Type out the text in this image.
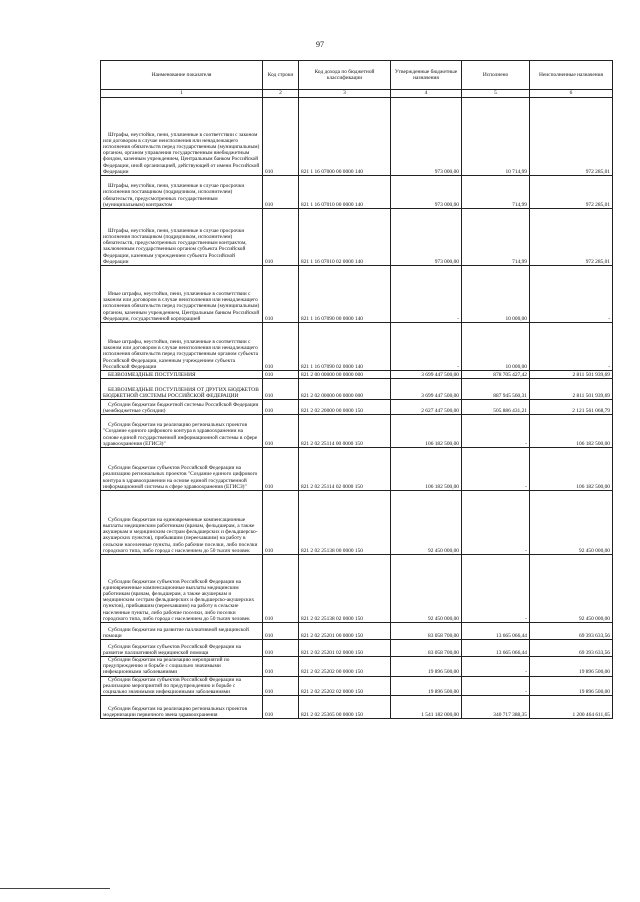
97
Наименование показателя	Код строки	Код дохода по бюджетной классификации	Утвержденные бюджетные назначения	Исполнено	Неисполненные назначения
1	2	3	4	5	6

Штрафы, неустойки, пени, уплаченные в соответствии с законом или договором в случае неисполнения или ненадлежащего исполнения обязательств перед государственным (муниципальным) органом, органом управления государственным внебюджетным фондом, казенным учреждением, Центральным банком Российской Федерации, иной организацией, действующей от имени Российской Федерации	010	821 1 16 07000 00 0000 140	973 000,00	10 714,99	972 285,01

Штрафы, неустойки, пени, уплаченные в случае просрочки исполнения поставщиком (подрядчиком, исполнителем) обязательств, предусмотренных государственным (муниципальным) контрактом	010	821 1 16 07010 00 0000 140	973 000,00	714,99	972 285,01

Штрафы, неустойки, пени, уплаченные в случае просрочки исполнения поставщиком (подрядчиком, исполнителем) обязательств, предусмотренных государственным контрактом, заключенным государственным органом субъекта Российской Федерации, казенным учреждением субъекта Российской Федерации	010	821 1 16 07010 02 0000 140	973 000,00	714,99	972 285,01

Иные штрафы, неустойки, пени, уплаченные в соответствии с законом или договором в случае неисполнения или ненадлежащего исполнения обязательств перед государственным (муниципальным) органом, казенным учреждением, Центральным банком Российской Федерации, государственной корпорацией	010	821 1 16 07090 00 0000 140	-	10 000,00	-

Иные штрафы, неустойки, пени, уплаченные в соответствии с законом или договором в случае неисполнения или ненадлежащего исполнения обязательств перед государственным органом субъекта Российской Федерации, казенным учреждением субъекта Российской Федерации	010	821 1 16 07090 02 0000 140	-	10 000,00	-

БЕЗВОЗМЕЗДНЫЕ ПОСТУПЛЕНИЯ	010	821 2 00 00000 00 0000 000	3 699 447 500,00	878 705 427,42	2 811 501 939,69

БЕЗВОЗМЕЗДНЫЕ ПОСТУПЛЕНИЯ ОТ ДРУГИХ БЮДЖЕТОВ БЮДЖЕТНОЙ СИСТЕМЫ РОССИЙСКОЙ ФЕДЕРАЦИИ	010	821 2 02 00000 00 0000 000	3 699 447 500,00	887 945 560,31	2 811 501 939,69

Субсидии бюджетам бюджетной системы Российской Федерации (межбюджетные субсидии)	010	821 2 02 20000 00 0000 150	2 627 447 500,00	505 886 431,21	2 121 561 068,79

Субсидии бюджетам на реализацию региональных проектов "Создание единого цифрового контура в здравоохранении на основе единой государственной информационной системы в сфере здравоохранения (ЕГИСЗ)"	010	821 2 02 25114 00 0000 150	106 182 500,00	-	106 182 500,00

Субсидии бюджетам субъектов Российской Федерации на реализацию региональных проектов "Создание единого цифрового контура в здравоохранении на основе единой государственной информационной системы в сфере здравоохранения (ЕГИСЗ)"	010	821 2 02 25114 02 0000 150	106 182 500,00	-	106 182 500,00

Субсидии бюджетам на единовременные компенсационные выплаты медицинским работникам (врачам, фельдшерам, а также акушеркам и медицинским сестрам фельдшерских и фельдшерско-акушерских пунктов), прибывшим (переехавшим) на работу в сельские населенные пункты, либо рабочие поселки, либо поселки городского типа, либо города с населением до 50 тысяч человек	010	821 2 02 25138 00 0000 150	92 450 000,00	-	92 450 000,00

Субсидии бюджетам субъектов Российской Федерации на единовременные компенсационные выплаты медицинским работникам (врачам, фельдшерам, а также акушеркам и медицинским сестрам фельдшерских и фельдшерско-акушерских пунктов), прибывшим (переехавшим) на работу в сельские населенные пункты, либо рабочие поселки, либо поселки городского типа, либо города с населением до 50 тысяч человек	010	821 2 02 25138 02 0000 150	92 450 000,00	-	92 450 000,00

Субсидии бюджетам на развитие паллиативной медицинской помощи	010	821 2 02 25201 00 0000 150	83 058 700,00	13 665 066,44	69 393 633,56

Субсидии бюджетам субъектов Российской Федерации на развитие паллиативной медицинской помощи	010	821 2 02 25201 02 0000 150	83 058 700,00	13 665 066,44	69 393 633,56

Субсидии бюджетам на реализацию мероприятий по предупреждению и борьбе с социально значимыми инфекционными заболеваниями	010	821 2 02 25202 00 0000 150	19 896 500,00	-	19 896 500,00

Субсидии бюджетам субъектов Российской Федерации на реализацию мероприятий по предупреждению и борьбе с социально значимыми инфекционными заболеваниями	010	821 2 02 25202 02 0000 150	19 896 500,00	-	19 896 500,00

Субсидии бюджетам на реализацию региональных проектов модернизации первичного звена здравоохранения	010	821 2 02 25365 00 0000 150	1 541 182 000,00	340 717 388,35	1 200 464 611,65
